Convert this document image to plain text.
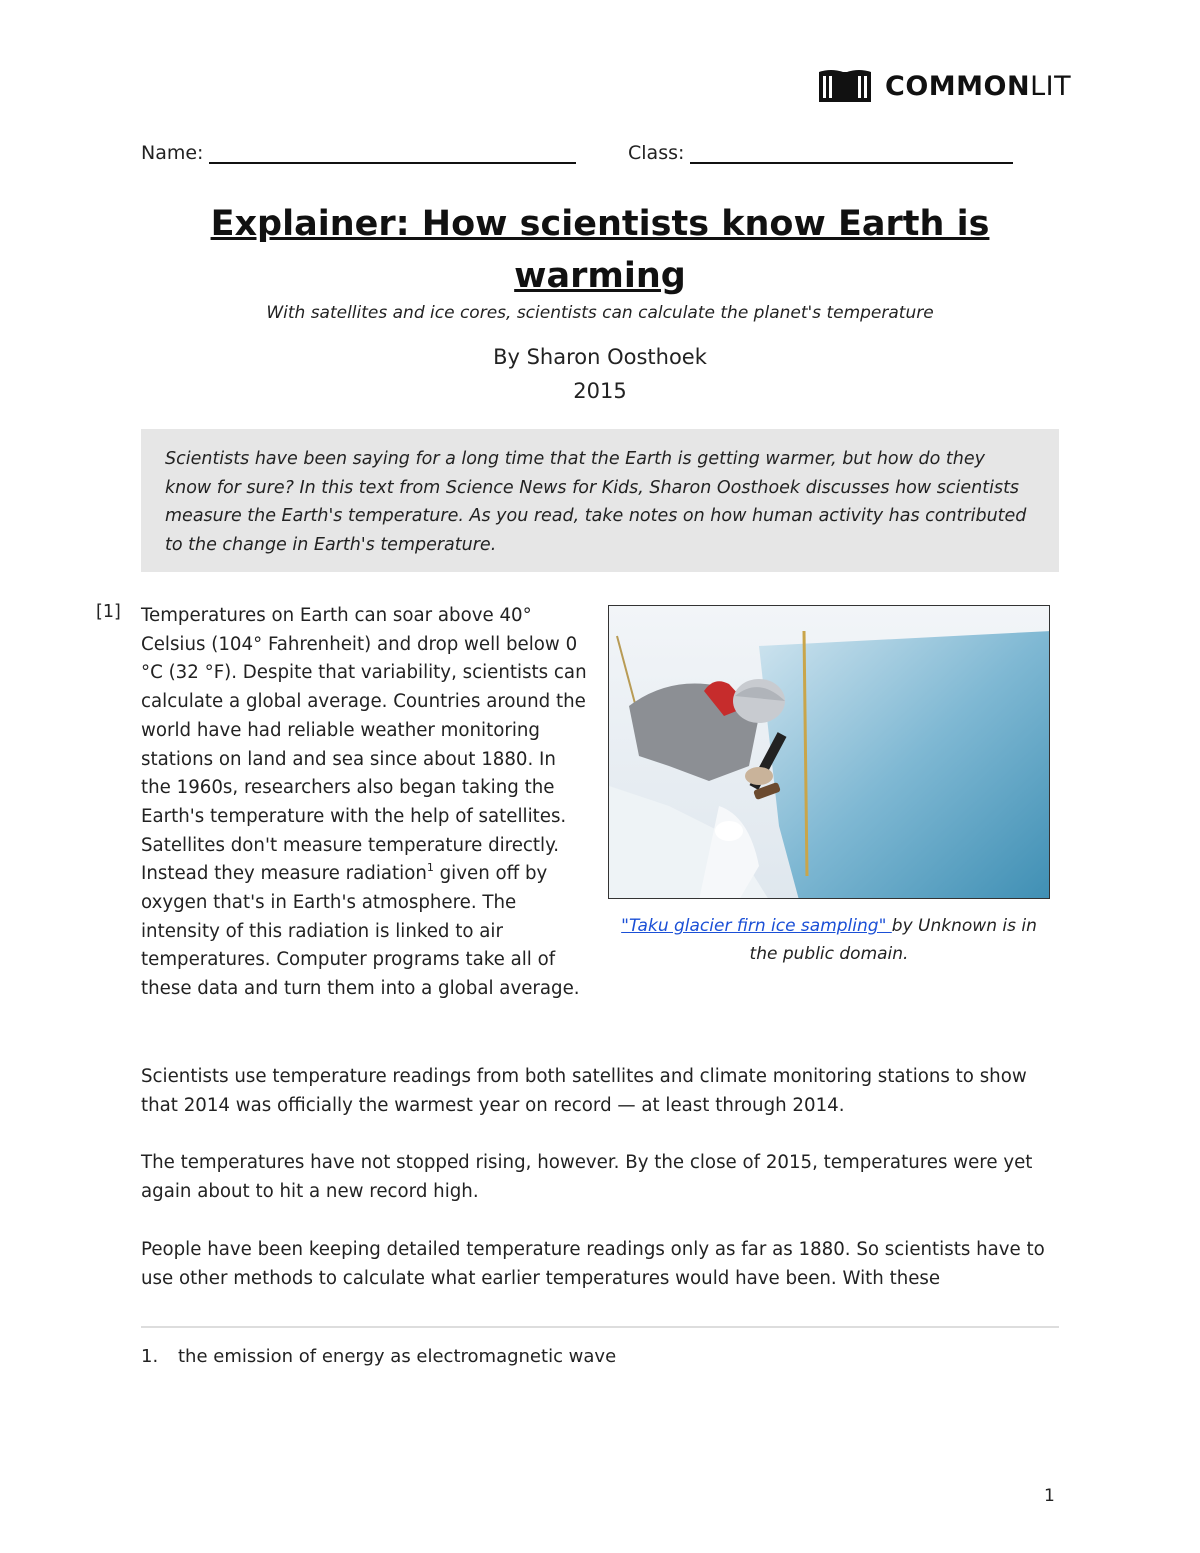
COMMONLIT
Name:	Class:
Explainer: How scientists know Earth is warming
With satellites and ice cores, scientists can calculate the planet's temperature
By Sharon Oosthoek
2015
Scientists have been saying for a long time that the Earth is getting warmer, but how do they know for sure? In this text from Science News for Kids, Sharon Oosthoek discusses how scientists measure the Earth's temperature. As you read, take notes on how human activity has contributed to the change in Earth's temperature.
[1] Temperatures on Earth can soar above 40° Celsius (104° Fahrenheit) and drop well below 0 °C (32 °F). Despite that variability, scientists can calculate a global average. Countries around the world have had reliable weather monitoring stations on land and sea since about 1880. In the 1960s, researchers also began taking the Earth's temperature with the help of satellites. Satellites don't measure temperature directly. Instead they measure radiation$^1$ given off by oxygen that's in Earth's atmosphere. The intensity of this radiation is linked to air temperatures. Computer programs take all of these data and turn them into a global average.
"Taku glacier firn ice sampling" by Unknown is in the public domain.
Scientists use temperature readings from both satellites and climate monitoring stations to show that 2014 was officially the warmest year on record — at least through 2014.
The temperatures have not stopped rising, however. By the close of 2015, temperatures were yet again about to hit a new record high.
People have been keeping detailed temperature readings only as far as 1880. So scientists have to use other methods to calculate what earlier temperatures would have been. With these
1. the emission of energy as electromagnetic wave
1
